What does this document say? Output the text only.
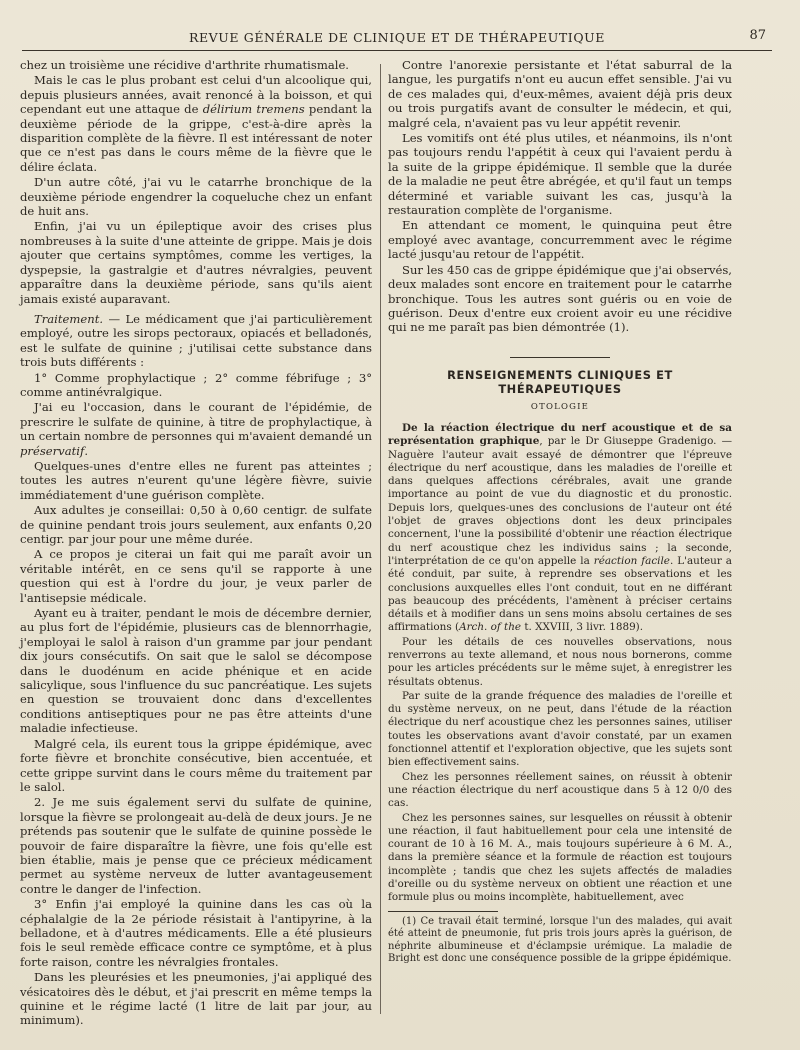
REVUE GÉNÉRALE DE CLINIQUE ET DE THÉRAPEUTIQUE	87

chez un troisième une récidive d'arthrite rhumatismale.

Mais le cas le plus probant est celui d'un alcoolique qui, depuis plusieurs années, avait renoncé à la boisson, et qui cependant eut une attaque de délirium tremens pendant la deuxième période de la grippe, c'est-à-dire après la disparition complète de la fièvre. Il est intéressant de noter que ce n'est pas dans le cours même de la fièvre que le délire éclata.

D'un autre côté, j'ai vu le catarrhe bronchique de la deuxième période engendrer la coqueluche chez un enfant de huit ans.

Enfin, j'ai vu un épileptique avoir des crises plus nombreuses à la suite d'une atteinte de grippe. Mais je dois ajouter que certains symptômes, comme les vertiges, la dyspepsie, la gastralgie et d'autres névralgies, peuvent apparaître dans la deuxième période, sans qu'ils aient jamais existé auparavant.

Traitement. — Le médicament que j'ai particulièrement employé, outre les sirops pectoraux, opiacés et belladonés, est le sulfate de quinine ; j'utilisai cette substance dans trois buts différents :

1° Comme prophylactique ; 2° comme fébrifuge ; 3° comme antinévralgique.

J'ai eu l'occasion, dans le courant de l'épidémie, de prescrire le sulfate de quinine, à titre de prophylactique, à un certain nombre de personnes qui m'avaient demandé un préservatif.

Quelques-unes d'entre elles ne furent pas atteintes ; toutes les autres n'eurent qu'une légère fièvre, suivie immédiatement d'une guérison complète.

Aux adultes je conseillai: 0,50 à 0,60 centigr. de sulfate de quinine pendant trois jours seulement, aux enfants 0,20 centigr. par jour pour une même durée.

A ce propos je citerai un fait qui me paraît avoir un véritable intérêt, en ce sens qu'il se rapporte à une question qui est à l'ordre du jour, je veux parler de l'antisepsie médicale.

Ayant eu à traiter, pendant le mois de décembre dernier, au plus fort de l'épidémie, plusieurs cas de blennorrhagie, j'employai le salol à raison d'un gramme par jour pendant dix jours consécutifs. On sait que le salol se décompose dans le duodénum en acide phénique et en acide salicylique, sous l'influence du suc pancréatique. Les sujets en question se trouvaient donc dans d'excellentes conditions antiseptiques pour ne pas être atteints d'une maladie infectieuse.

Malgré cela, ils eurent tous la grippe épidémique, avec forte fièvre et bronchite consécutive, bien accentuée, et cette grippe survint dans le cours même du traitement par le salol.

2. Je me suis également servi du sulfate de quinine, lorsque la fièvre se prolongeait au-delà de deux jours. Je ne prétends pas soutenir que le sulfate de quinine possède le pouvoir de faire disparaître la fièvre, une fois qu'elle est bien établie, mais je pense que ce précieux médicament permet au système nerveux de lutter avantageusement contre le danger de l'infection.

3° Enfin j'ai employé la quinine dans les cas où la céphalalgie de la 2e période résistait à l'antipyrine, à la belladone, et à d'autres médicaments. Elle a été plusieurs fois le seul remède efficace contre ce symptôme, et à plus forte raison, contre les névralgies frontales.

Dans les pleurésies et les pneumonies, j'ai appliqué des vésicatoires dès le début, et j'ai prescrit en même temps la quinine et le régime lacté (1 litre de lait par jour, au minimum).

Contre l'anorexie persistante et l'état saburral de la langue, les purgatifs n'ont eu aucun effet sensible. J'ai vu de ces malades qui, d'eux-mêmes, avaient déjà pris deux ou trois purgatifs avant de consulter le médecin, et qui, malgré cela, n'avaient pas vu leur appétit revenir.

Les vomitifs ont été plus utiles, et néanmoins, ils n'ont pas toujours rendu l'appétit à ceux qui l'avaient perdu à la suite de la grippe épidémique. Il semble que la durée de la maladie ne peut être abrégée, et qu'il faut un temps déterminé et variable suivant les cas, jusqu'à la restauration complète de l'organisme.

En attendant ce moment, le quinquina peut être employé avec avantage, concurremment avec le régime lacté jusqu'au retour de l'appétit.

Sur les 450 cas de grippe épidémique que j'ai observés, deux malades sont encore en traitement pour le catarrhe bronchique. Tous les autres sont guéris ou en voie de guérison. Deux d'entre eux croient avoir eu une récidive qui ne me paraît pas bien démontrée (1).

RENSEIGNEMENTS CLINIQUES ET THÉRAPEUTIQUES
OTOLOGIE

De la réaction électrique du nerf acoustique et de sa représentation graphique, par le Dr Giuseppe Gradenigo. — Naguère l'auteur avait essayé de démontrer que l'épreuve électrique du nerf acoustique, dans les maladies de l'oreille et dans quelques affections cérébrales, avait une grande importance au point de vue du diagnostic et du pronostic. Depuis lors, quelques-unes des conclusions de l'auteur ont été l'objet de graves objections dont les deux principales concernent, l'une la possibilité d'obtenir une réaction électrique du nerf acoustique chez les individus sains ; la seconde, l'interprétation de ce qu'on appelle la réaction facile. L'auteur a été conduit, par suite, à reprendre ses observations et les conclusions auxquelles elles l'ont conduit, tout en ne différant pas beaucoup des précédents, l'amènent à préciser certains détails et à modifier dans un sens moins absolu certaines de ses affirmations (Arch. of the t. XXVIII, 3 livr. 1889).

Pour les détails de ces nouvelles observations, nous renverrons au texte allemand, et nous nous bornerons, comme pour les articles précédents sur le même sujet, à enregistrer les résultats obtenus.

Par suite de la grande fréquence des maladies de l'oreille et du système nerveux, on ne peut, dans l'étude de la réaction électrique du nerf acoustique chez les personnes saines, utiliser toutes les observations avant d'avoir constaté, par un examen fonctionnel attentif et l'exploration objective, que les sujets sont bien effectivement sains.

Chez les personnes réellement saines, on réussit à obtenir une réaction électrique du nerf acoustique dans 5 à 12 0/0 des cas.

Chez les personnes saines, sur lesquelles on réussit à obtenir une réaction, il faut habituellement pour cela une intensité de courant de 10 à 16 M. A., mais toujours supérieure à 6 M. A., dans la première séance et la formule de réaction est toujours incomplète ; tandis que chez les sujets affectés de maladies d'oreille ou du système nerveux on obtient une réaction et une formule plus ou moins incomplète, habituellement, avec

(1) Ce travail était terminé, lorsque l'un des malades, qui avait été atteint de pneumonie, fut pris trois jours après la guérison, de néphrite albumineuse et d'éclampsie urémique. La maladie de Bright est donc une conséquence possible de la grippe épidémique.
